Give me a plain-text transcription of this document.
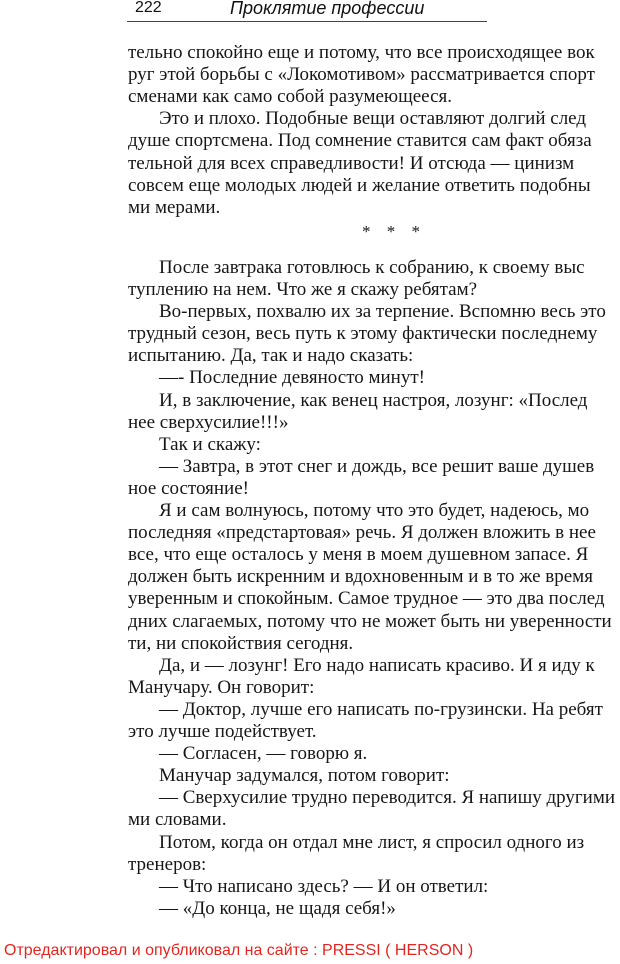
222	Проклятие профессии
тельно спокойно еще и потому, что все происходящее вок
руг этой борьбы с «Локомотивом» рассматривается спорт
сменами как само собой разумеющееся.
Это и плохо. Подобные вещи оставляют долгий след
душе спортсмена. Под сомнение ставится сам факт обяза
тельной для всех справедливости! И отсюда — цинизм
совсем еще молодых людей и желание ответить подобны
ми мерами.
* * *
После завтрака готовлюсь к собранию, к своему выс
туплению на нем. Что же я скажу ребятам?
Во-первых, похвалю их за терпение. Вспомню весь это
трудный сезон, весь путь к этому фактически последнему
испытанию. Да, так и надо сказать:
—- Последние девяносто минут!
И, в заключение, как венец настроя, лозунг: «Послед
нее сверхусилие!!!»
Так и скажу:
— Завтра, в этот снег и дождь, все решит ваше душев
ное состояние!
Я и сам волнуюсь, потому что это будет, надеюсь, мо
последняя «предстартовая» речь. Я должен вложить в нее
все, что еще осталось у меня в моем душевном запасе. Я
должен быть искренним и вдохновенным и в то же время
уверенным и спокойным. Самое трудное — это два послед
дних слагаемых, потому что не может быть ни уверенности
ти, ни спокойствия сегодня.
Да, и — лозунг! Его надо написать красиво. И я иду к
Манучару. Он говорит:
— Доктор, лучше его написать по-грузински. На ребят
это лучше подействует.
— Согласен, — говорю я.
Манучар задумался, потом говорит:
— Сверхусилие трудно переводится. Я напишу другими
ми словами.
Потом, когда он отдал мне лист, я спросил одного из
тренеров:
— Что написано здесь? — И он ответил:
— «До конца, не щадя себя!»
Отредактировал и опубликовал на сайте : PRESSI ( HERSON )
